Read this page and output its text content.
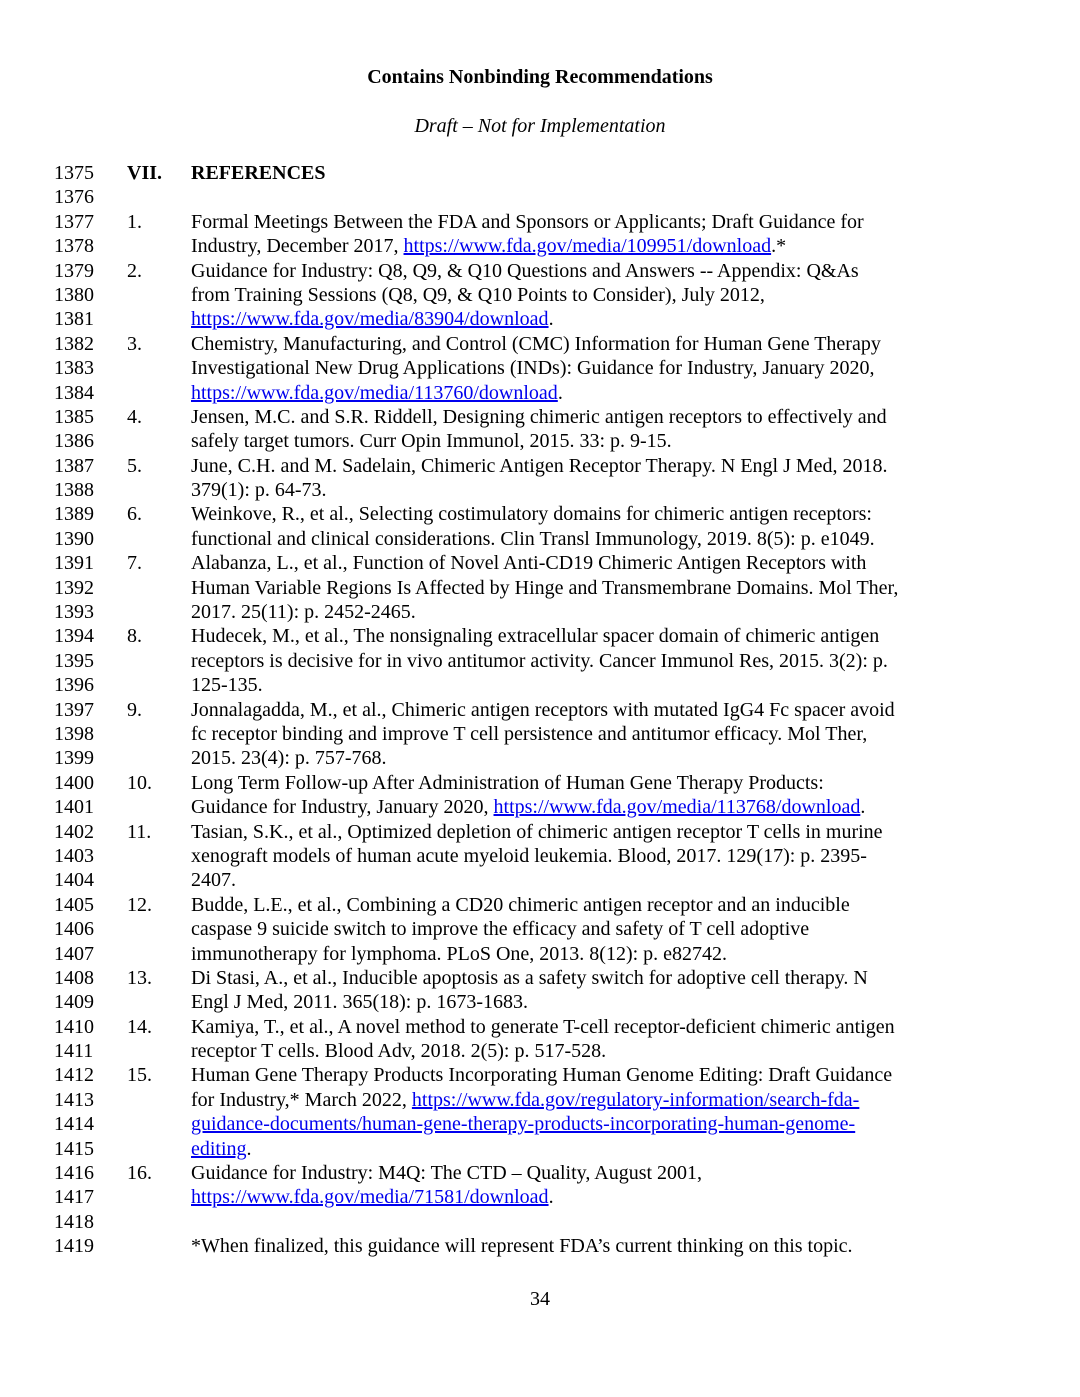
Contains Nonbinding Recommendations
Draft – Not for Implementation
1375	VII. REFERENCES
1376
1377	1. Formal Meetings Between the FDA and Sponsors or Applicants; Draft Guidance for
1378	Industry, December 2017, https://www.fda.gov/media/109951/download.*
1379	2. Guidance for Industry: Q8, Q9, & Q10 Questions and Answers -- Appendix: Q&As
1380	from Training Sessions (Q8, Q9, & Q10 Points to Consider), July 2012,
1381	https://www.fda.gov/media/83904/download.
1382	3. Chemistry, Manufacturing, and Control (CMC) Information for Human Gene Therapy
1383	Investigational New Drug Applications (INDs): Guidance for Industry, January 2020,
1384	https://www.fda.gov/media/113760/download.
1385	4. Jensen, M.C. and S.R. Riddell, Designing chimeric antigen receptors to effectively and
1386	safely target tumors. Curr Opin Immunol, 2015. 33: p. 9-15.
1387	5. June, C.H. and M. Sadelain, Chimeric Antigen Receptor Therapy. N Engl J Med, 2018.
1388	379(1): p. 64-73.
1389	6. Weinkove, R., et al., Selecting costimulatory domains for chimeric antigen receptors:
1390	functional and clinical considerations. Clin Transl Immunology, 2019. 8(5): p. e1049.
1391	7. Alabanza, L., et al., Function of Novel Anti-CD19 Chimeric Antigen Receptors with
1392	Human Variable Regions Is Affected by Hinge and Transmembrane Domains. Mol Ther,
1393	2017. 25(11): p. 2452-2465.
1394	8. Hudecek, M., et al., The nonsignaling extracellular spacer domain of chimeric antigen
1395	receptors is decisive for in vivo antitumor activity. Cancer Immunol Res, 2015. 3(2): p.
1396	125-135.
1397	9. Jonnalagadda, M., et al., Chimeric antigen receptors with mutated IgG4 Fc spacer avoid
1398	fc receptor binding and improve T cell persistence and antitumor efficacy. Mol Ther,
1399	2015. 23(4): p. 757-768.
1400	10. Long Term Follow-up After Administration of Human Gene Therapy Products:
1401	Guidance for Industry, January 2020, https://www.fda.gov/media/113768/download.
1402	11. Tasian, S.K., et al., Optimized depletion of chimeric antigen receptor T cells in murine
1403	xenograft models of human acute myeloid leukemia. Blood, 2017. 129(17): p. 2395-
1404	2407.
1405	12. Budde, L.E., et al., Combining a CD20 chimeric antigen receptor and an inducible
1406	caspase 9 suicide switch to improve the efficacy and safety of T cell adoptive
1407	immunotherapy for lymphoma. PLoS One, 2013. 8(12): p. e82742.
1408	13. Di Stasi, A., et al., Inducible apoptosis as a safety switch for adoptive cell therapy. N
1409	Engl J Med, 2011. 365(18): p. 1673-1683.
1410	14. Kamiya, T., et al., A novel method to generate T-cell receptor-deficient chimeric antigen
1411	receptor T cells. Blood Adv, 2018. 2(5): p. 517-528.
1412	15. Human Gene Therapy Products Incorporating Human Genome Editing: Draft Guidance
1413	for Industry,* March 2022, https://www.fda.gov/regulatory-information/search-fda-
1414	guidance-documents/human-gene-therapy-products-incorporating-human-genome-
1415	editing.
1416	16. Guidance for Industry: M4Q: The CTD – Quality, August 2001,
1417	https://www.fda.gov/media/71581/download.
1418
1419	*When finalized, this guidance will represent FDA’s current thinking on this topic.
34
